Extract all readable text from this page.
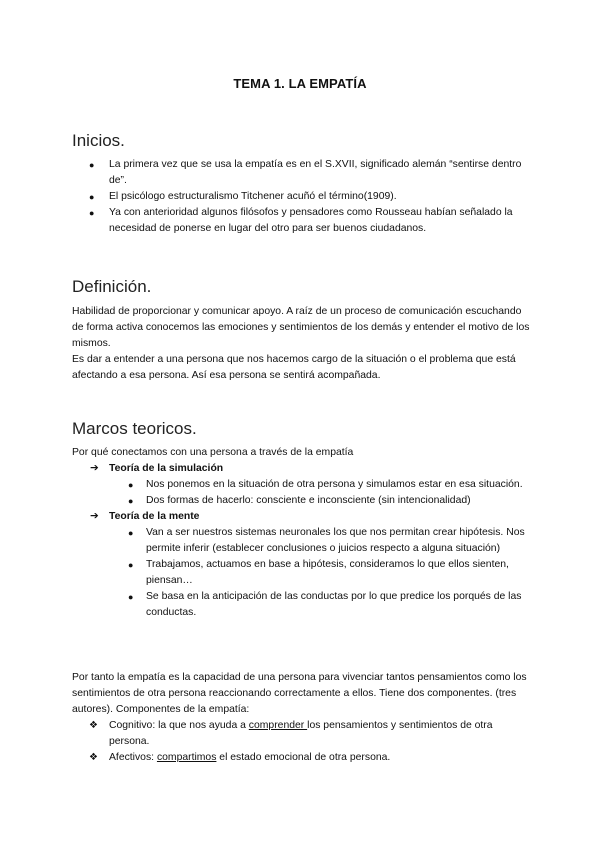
TEMA 1. LA EMPATÍA
Inicios.
● La primera vez que se usa la empatía es en el S.XVII, significado alemán “sentirse dentro de”.
● El psicólogo estructuralismo Titchener acuñó el término(1909).
● Ya con anterioridad algunos filósofos y pensadores como Rousseau habían señalado la necesidad de ponerse en lugar del otro para ser buenos ciudadanos.
Definición.
Habilidad de proporcionar y comunicar apoyo. A raíz de un proceso de comunicación escuchando de forma activa conocemos las emociones y sentimientos de los demás y entender el motivo de los mismos.
Es dar a entender a una persona que nos hacemos cargo de la situación o el problema que está afectando a esa persona. Así esa persona se sentirá acompañada.
Marcos teoricos.
Por qué conectamos con una persona a través de la empatía
➔ Teoría de la simulación
● Nos ponemos en la situación de otra persona y simulamos estar en esa situación.
● Dos formas de hacerlo: consciente e inconsciente (sin intencionalidad)
➔ Teoría de la mente
● Van a ser nuestros sistemas neuronales los que nos permitan crear hipótesis. Nos permite inferir (establecer conclusiones o juicios respecto a alguna situación)
● Trabajamos, actuamos en base a hipótesis, consideramos lo que ellos sienten, piensan…
● Se basa en la anticipación de las conductas por lo que predice los porqués de las conductas.
Por tanto la empatía es la capacidad de una persona para vivenciar tantos pensamientos como los sentimientos de otra persona reaccionando correctamente a ellos. Tiene dos componentes. (tres autores). Componentes de la empatía:
❖ Cognitivo: la que nos ayuda a comprender los pensamientos y sentimientos de otra persona.
❖ Afectivos: compartimos el estado emocional de otra persona.
